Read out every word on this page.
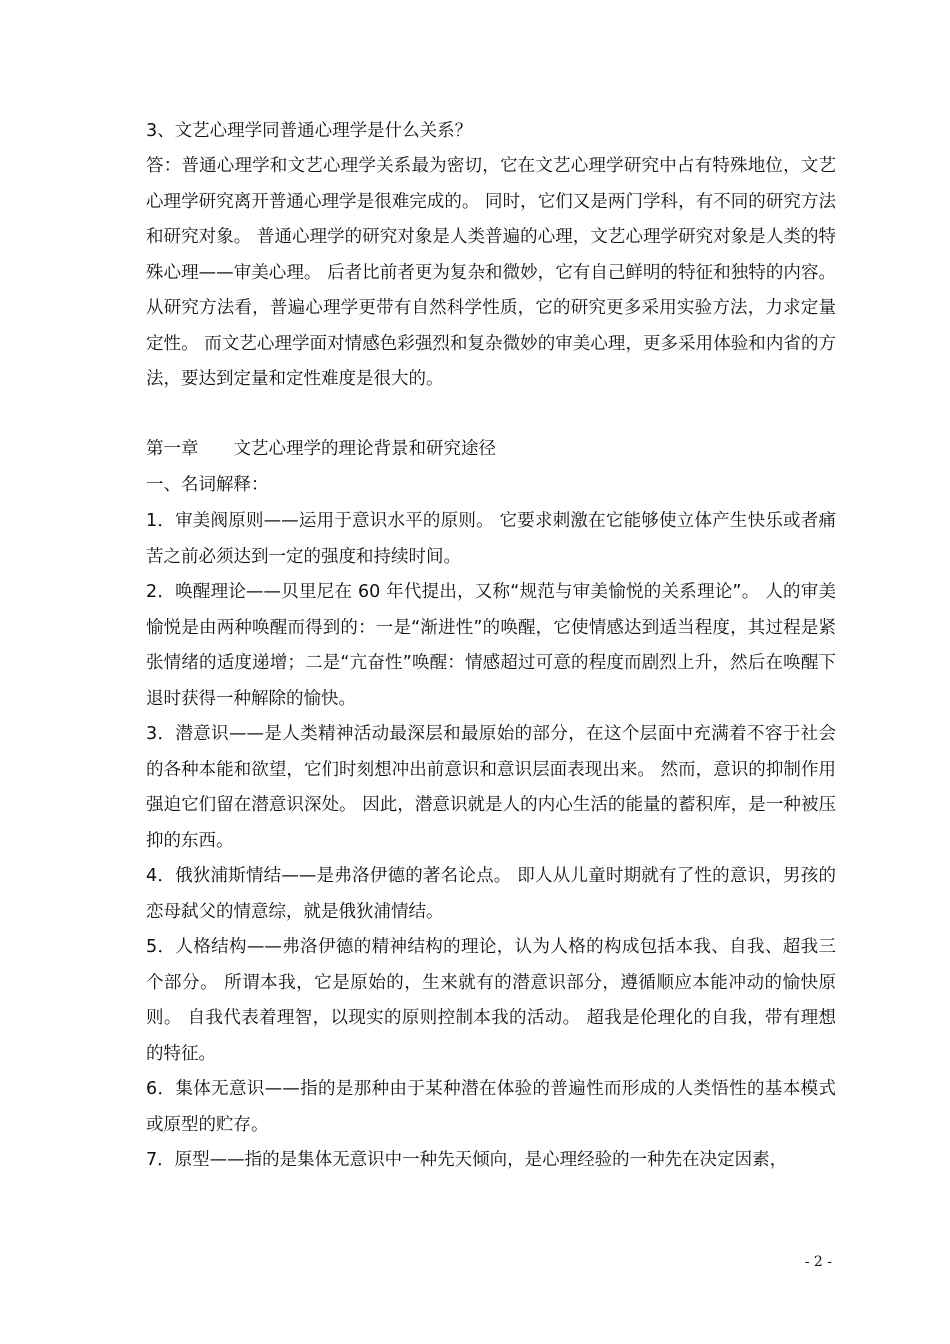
3、文艺心理学同普通心理学是什么关系？

答：普通心理学和文艺心理学关系最为密切，它在文艺心理学研究中占有特殊地位，文艺心理学研究离开普通心理学是很难完成的。 同时，它们又是两门学科，有不同的研究方法和研究对象。 普通心理学的研究对象是人类普遍的心理，文艺心理学研究对象是人类的特殊心理——审美心理。 后者比前者更为复杂和微妙，它有自己鲜明的特征和独特的内容。 从研究方法看，普遍心理学更带有自然科学性质，它的研究更多采用实验方法，力求定量定性。 而文艺心理学面对情感色彩强烈和复杂微妙的审美心理，更多采用体验和内省的方法，要达到定量和定性难度是很大的。

第一章　　文艺心理学的理论背景和研究途径

一、名词解释：

1．审美阀原则——运用于意识水平的原则。 它要求刺激在它能够使立体产生快乐或者痛苦之前必须达到一定的强度和持续时间。

2．唤醒理论——贝里尼在 60 年代提出，又称“规范与审美愉悦的关系理论”。 人的审美愉悦是由两种唤醒而得到的：一是“渐进性”的唤醒，它使情感达到适当程度，其过程是紧张情绪的适度递增；二是“亢奋性”唤醒：情感超过可意的程度而剧烈上升，然后在唤醒下退时获得一种解除的愉快。

3．潜意识——是人类精神活动最深层和最原始的部分，在这个层面中充满着不容于社会的各种本能和欲望，它们时刻想冲出前意识和意识层面表现出来。 然而，意识的抑制作用强迫它们留在潜意识深处。 因此，潜意识就是人的内心生活的能量的蓄积库，是一种被压抑的东西。

4．俄狄浦斯情结——是弗洛伊德的著名论点。 即人从儿童时期就有了性的意识，男孩的恋母弑父的情意综，就是俄狄浦情结。

5．人格结构——弗洛伊德的精神结构的理论，认为人格的构成包括本我、自我、超我三个部分。 所谓本我，它是原始的，生来就有的潜意识部分，遵循顺应本能冲动的愉快原则。 自我代表着理智，以现实的原则控制本我的活动。 超我是伦理化的自我，带有理想的特征。

6．集体无意识——指的是那种由于某种潜在体验的普遍性而形成的人类悟性的基本模式或原型的贮存。

7．原型——指的是集体无意识中一种先天倾向，是心理经验的一种先在决定因素，

- 2 -
